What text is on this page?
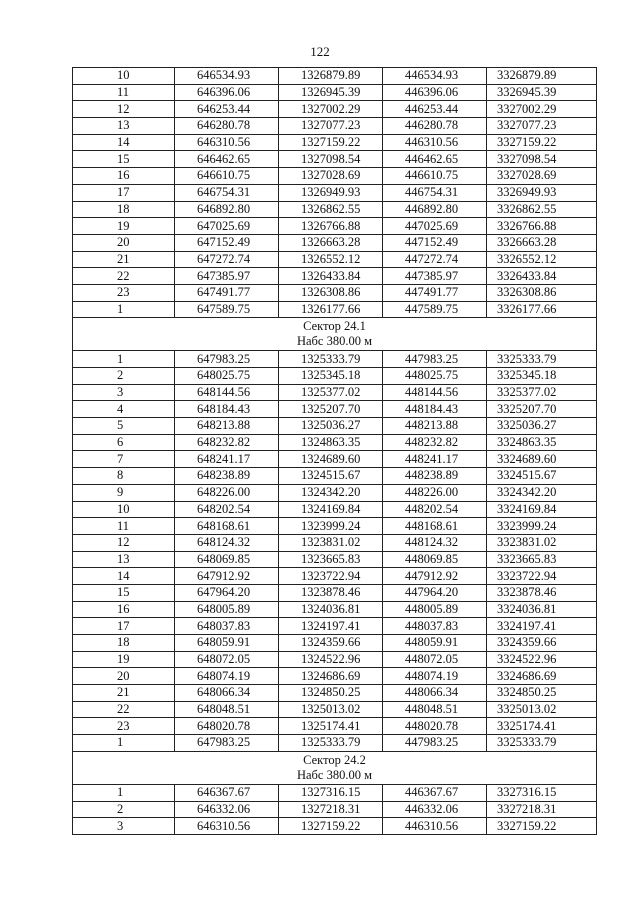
122
10	646534.93	1326879.89	446534.93	3326879.89
11	646396.06	1326945.39	446396.06	3326945.39
12	646253.44	1327002.29	446253.44	3327002.29
13	646280.78	1327077.23	446280.78	3327077.23
14	646310.56	1327159.22	446310.56	3327159.22
15	646462.65	1327098.54	446462.65	3327098.54
16	646610.75	1327028.69	446610.75	3327028.69
17	646754.31	1326949.93	446754.31	3326949.93
18	646892.80	1326862.55	446892.80	3326862.55
19	647025.69	1326766.88	447025.69	3326766.88
20	647152.49	1326663.28	447152.49	3326663.28
21	647272.74	1326552.12	447272.74	3326552.12
22	647385.97	1326433.84	447385.97	3326433.84
23	647491.77	1326308.86	447491.77	3326308.86
1	647589.75	1326177.66	447589.75	3326177.66

Сектор 24.1
Набс 380.00 м				

1	647983.25	1325333.79	447983.25	3325333.79
2	648025.75	1325345.18	448025.75	3325345.18
3	648144.56	1325377.02	448144.56	3325377.02
4	648184.43	1325207.70	448184.43	3325207.70
5	648213.88	1325036.27	448213.88	3325036.27
6	648232.82	1324863.35	448232.82	3324863.35
7	648241.17	1324689.60	448241.17	3324689.60
8	648238.89	1324515.67	448238.89	3324515.67
9	648226.00	1324342.20	448226.00	3324342.20
10	648202.54	1324169.84	448202.54	3324169.84
11	648168.61	1323999.24	448168.61	3323999.24
12	648124.32	1323831.02	448124.32	3323831.02
13	648069.85	1323665.83	448069.85	3323665.83
14	647912.92	1323722.94	447912.92	3323722.94
15	647964.20	1323878.46	447964.20	3323878.46
16	648005.89	1324036.81	448005.89	3324036.81
17	648037.83	1324197.41	448037.83	3324197.41
18	648059.91	1324359.66	448059.91	3324359.66
19	648072.05	1324522.96	448072.05	3324522.96
20	648074.19	1324686.69	448074.19	3324686.69
21	648066.34	1324850.25	448066.34	3324850.25
22	648048.51	1325013.02	448048.51	3325013.02
23	648020.78	1325174.41	448020.78	3325174.41
1	647983.25	1325333.79	447983.25	3325333.79

Сектор 24.2
Набс 380.00 м				

1	646367.67	1327316.15	446367.67	3327316.15
2	646332.06	1327218.31	446332.06	3327218.31
3	646310.56	1327159.22	446310.56	3327159.22
